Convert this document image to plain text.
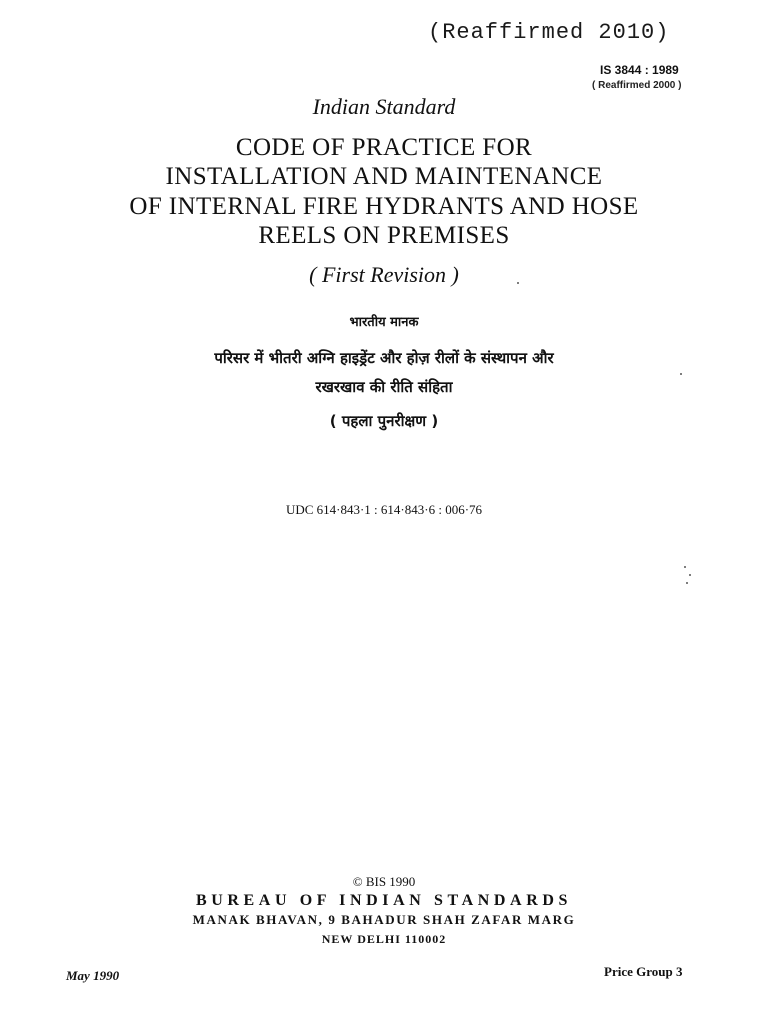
(Reaffirmed 2010)
IS 3844 : 1989
( Reaffirmed 2000 )
Indian Standard
CODE OF PRACTICE FOR
INSTALLATION AND MAINTENANCE
OF INTERNAL FIRE HYDRANTS AND HOSE
REELS ON PREMISES
( First Revision )
भारतीय मानक
परिसर में भीतरी अग्नि हाइड्रेंट और होज़ रीलों के संस्थापन और
रखरखाव की रीति संहिता
( पहला पुनरीक्षण )
UDC 614·843·1 : 614·843·6 : 006·76
© BIS 1990
BUREAU OF INDIAN STANDARDS
MANAK BHAVAN, 9 BAHADUR SHAH ZAFAR MARG
NEW DELHI 110002
May 1990	Price Group 3
